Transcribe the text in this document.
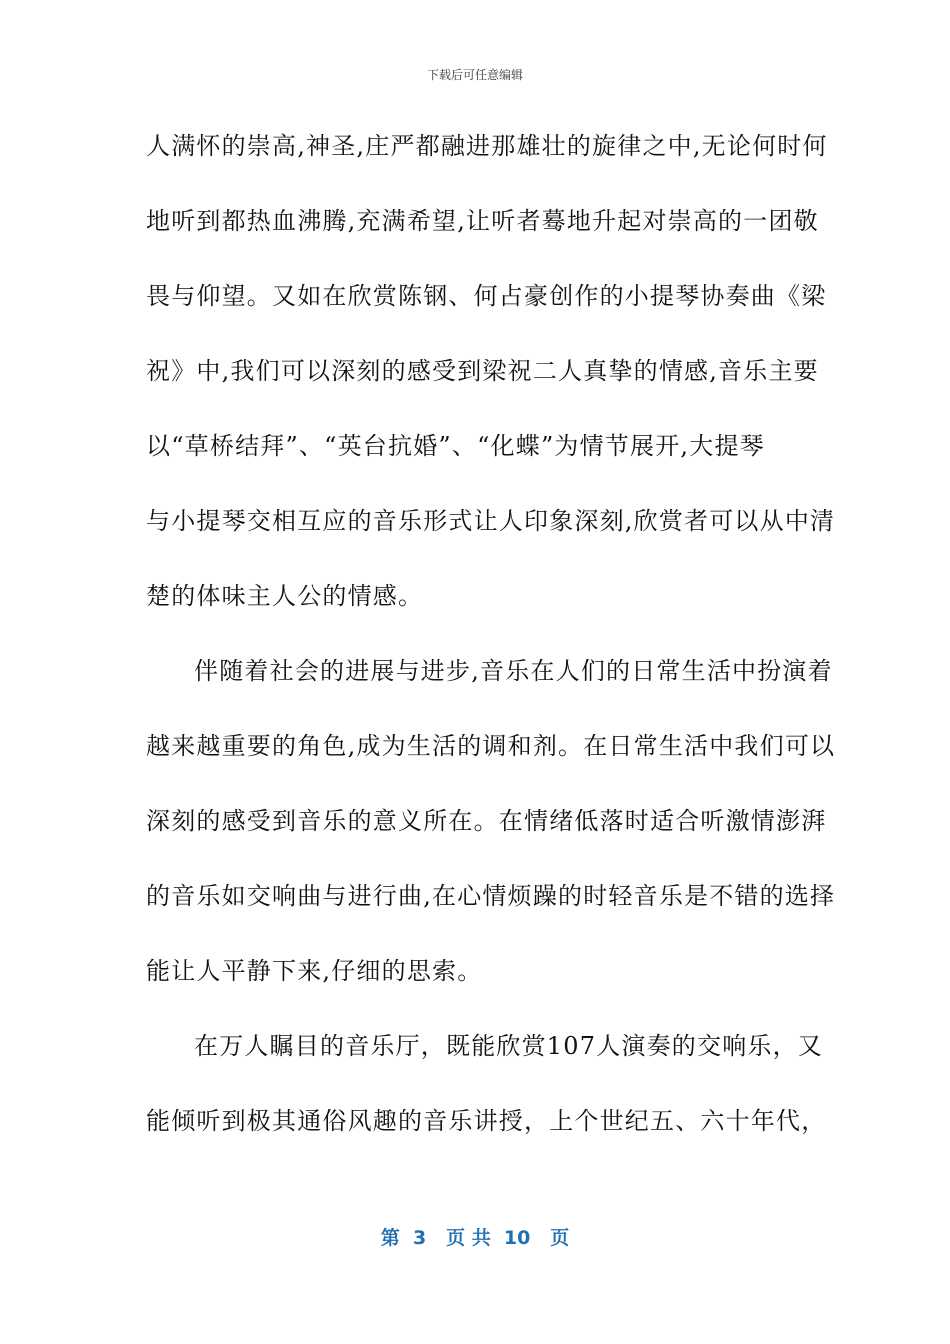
下载后可任意编辑
人满怀的崇高,神圣,庄严都融进那雄壮的旋律之中,无论何时何
地听到都热血沸腾,充满希望,让听者蓦地升起对崇高的一团敬
畏与仰望。又如在欣赏陈钢、何占豪创作的小提琴协奏曲《梁
祝》中,我们可以深刻的感受到梁祝二人真挚的情感,音乐主要
以“草桥结拜”、“英台抗婚”、“化蝶”为情节展开,大提琴
与小提琴交相互应的音乐形式让人印象深刻,欣赏者可以从中清
楚的体味主人公的情感。
伴随着社会的进展与进步,音乐在人们的日常生活中扮演着
越来越重要的角色,成为生活的调和剂。在日常生活中我们可以
深刻的感受到音乐的意义所在。在情绪低落时适合听激情澎湃
的音乐如交响曲与进行曲,在心情烦躁的时轻音乐是不错的选择
能让人平静下来,仔细的思索。
在万人瞩目的音乐厅，既能欣赏107人演奏的交响乐，又
能倾听到极其通俗风趣的音乐讲授，上个世纪五、六十年代，
第  3   页 共  10   页
